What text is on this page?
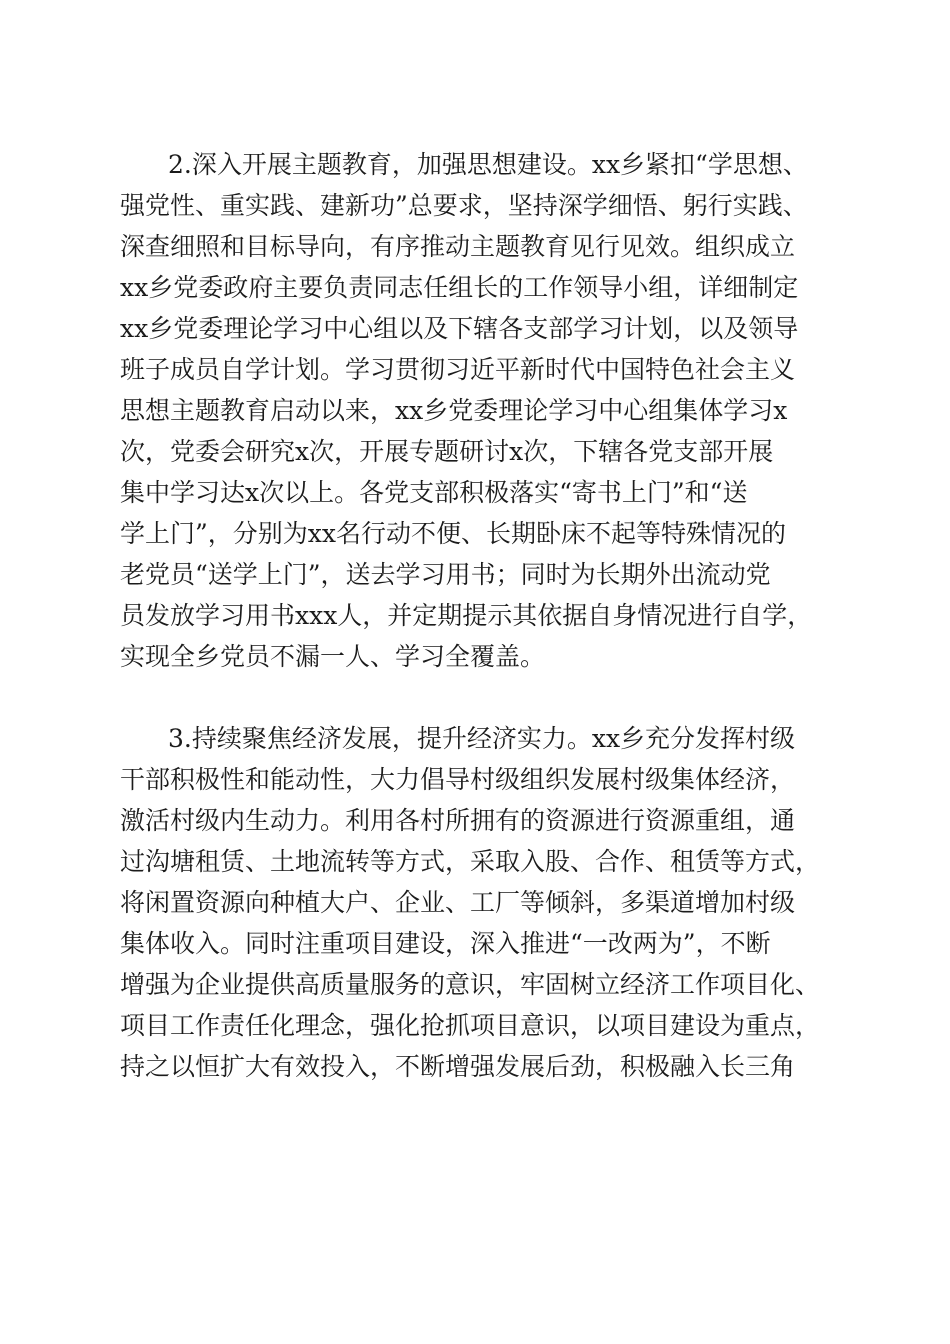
2.深入开展主题教育，加强思想建设。xx乡紧扣“学思想、
强党性、重实践、建新功”总要求，坚持深学细悟、躬行实践、
深查细照和目标导向，有序推动主题教育见行见效。组织成立
xx乡党委政府主要负责同志任组长的工作领导小组，详细制定
xx乡党委理论学习中心组以及下辖各支部学习计划，以及领导
班子成员自学计划。学习贯彻习近平新时代中国特色社会主义
思想主题教育启动以来，xx乡党委理论学习中心组集体学习x
次，党委会研究x次，开展专题研讨x次，下辖各党支部开展
集中学习达x次以上。各党支部积极落实“寄书上门”和“送
学上门”，分别为xx名行动不便、长期卧床不起等特殊情况的
老党员“送学上门”，送去学习用书；同时为长期外出流动党
员发放学习用书xxx人，并定期提示其依据自身情况进行自学，
实现全乡党员不漏一人、学习全覆盖。
3.持续聚焦经济发展，提升经济实力。xx乡充分发挥村级
干部积极性和能动性，大力倡导村级组织发展村级集体经济，
激活村级内生动力。利用各村所拥有的资源进行资源重组，通
过沟塘租赁、土地流转等方式，采取入股、合作、租赁等方式，
将闲置资源向种植大户、企业、工厂等倾斜，多渠道增加村级
集体收入。同时注重项目建设，深入推进“一改两为”，不断
增强为企业提供高质量服务的意识，牢固树立经济工作项目化、
项目工作责任化理念，强化抢抓项目意识，以项目建设为重点，
持之以恒扩大有效投入，不断增强发展后劲，积极融入长三角
